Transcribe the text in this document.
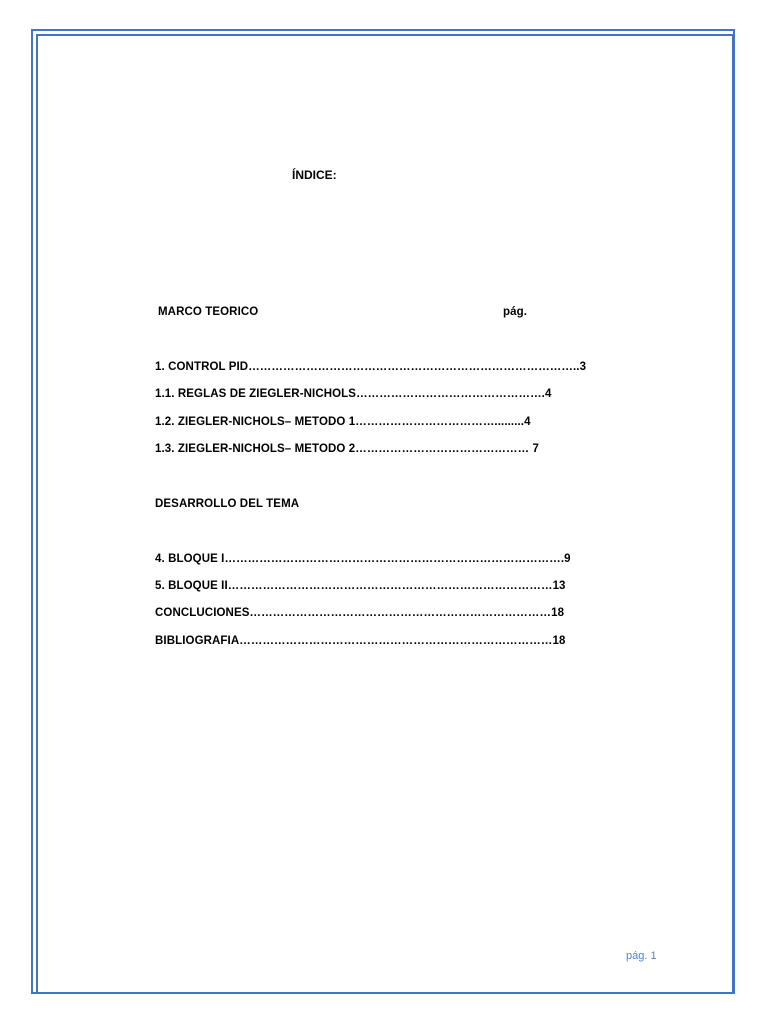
ÍNDICE:
MARCO TEORICO	pág.
1. CONTROL PID…………………………………………………………………………..3
1.1. REGLAS DE ZIEGLER-NICHOLS………………………………………….4
1.2. ZIEGLER-NICHOLS– METODO 1……………………………….........4
1.3. ZIEGLER-NICHOLS– METODO 2……………………………………… 7
DESARROLLO DEL TEMA
4. BLOQUE I…………………………………………………………………………….9
5. BLOQUE II…………………………………………………………………………13
CONCLUCIONES……………………………………………………………………18
BIBLIOGRAFIA………………………………………………………………………18
pág. 1
